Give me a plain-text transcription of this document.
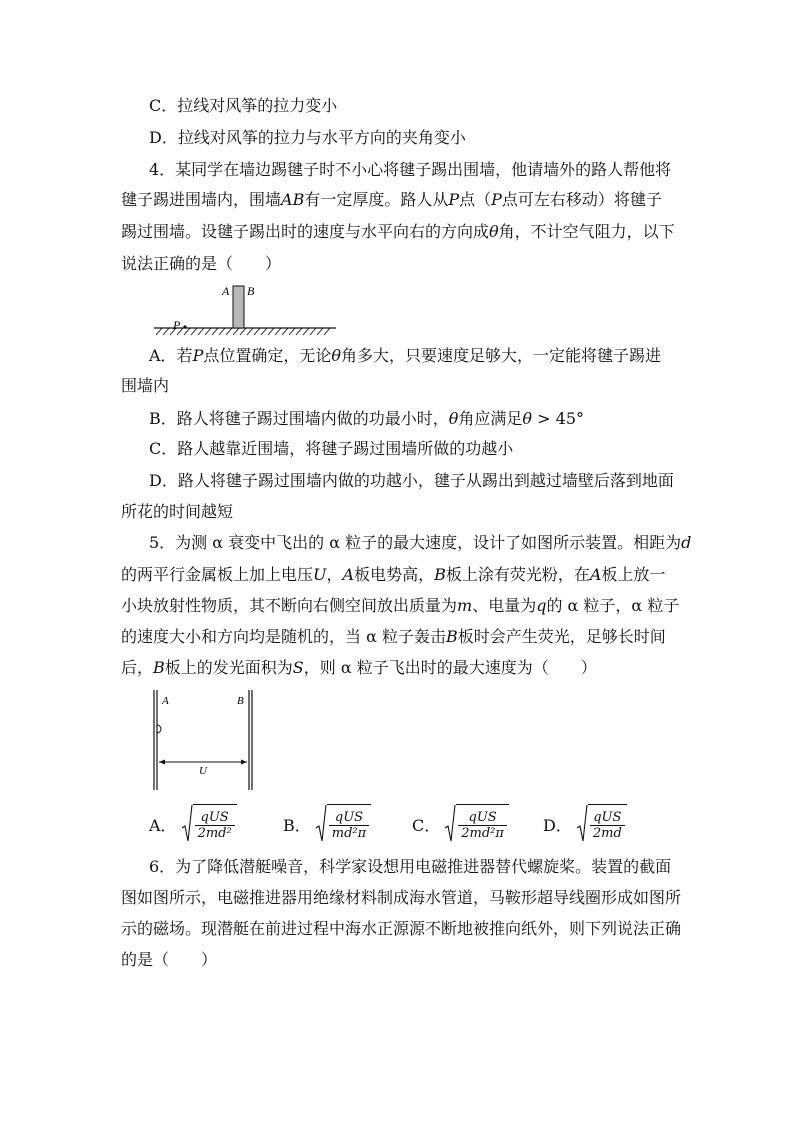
C．拉线对风筝的拉力变小
D．拉线对风筝的拉力与水平方向的夹角变小
4．某同学在墙边踢毽子时不小心将毽子踢出围墙，他请墙外的路人帮他将
毽子踢进围墙内，围墙AB有一定厚度。路人从P点（P点可左右移动）将毽子
踢过围墙。设毽子踢出时的速度与水平向右的方向成θ角，不计空气阻力，以下
说法正确的是（　　）
A B
P
A．若P点位置确定，无论θ角多大，只要速度足够大，一定能将毽子踢进
围墙内
B．路人将毽子踢过围墙内做的功最小时，θ角应满足θ > 45°
C．路人越靠近围墙，将毽子踢过围墙所做的功越小
D．路人将毽子踢过围墙内做的功越小，毽子从踢出到越过墙壁后落到地面
所花的时间越短
5．为测 α 衰变中飞出的 α 粒子的最大速度，设计了如图所示装置。相距为d
的两平行金属板上加上电压U，A板电势高，B板上涂有荧光粉，在A板上放一
小块放射性物质，其不断向右侧空间放出质量为m、电量为q的 α 粒子，α 粒子
的速度大小和方向均是随机的，当 α 粒子轰击B板时会产生荧光，足够长时间
后，B板上的发光面积为S，则 α 粒子飞出时的最大速度为（　　）
A	B
U
A． $\frac{\text{qUS}}{\text{2md²}}$	B． $\frac{\text{qUS}}{\text{md²π}}$	C． $\frac{\text{qUS}}{\text{2md²π}}$ D． $\frac{\text{qUS}}{2md}$
6．为了降低潜艇噪音，科学家设想用电磁推进器替代螺旋桨。装置的截面
图如图所示，电磁推进器用绝缘材料制成海水管道，马鞍形超导线圈形成如图所
示的磁场。现潜艇在前进过程中海水正源源不断地被推向纸外，则下列说法正确
的是（　　）
